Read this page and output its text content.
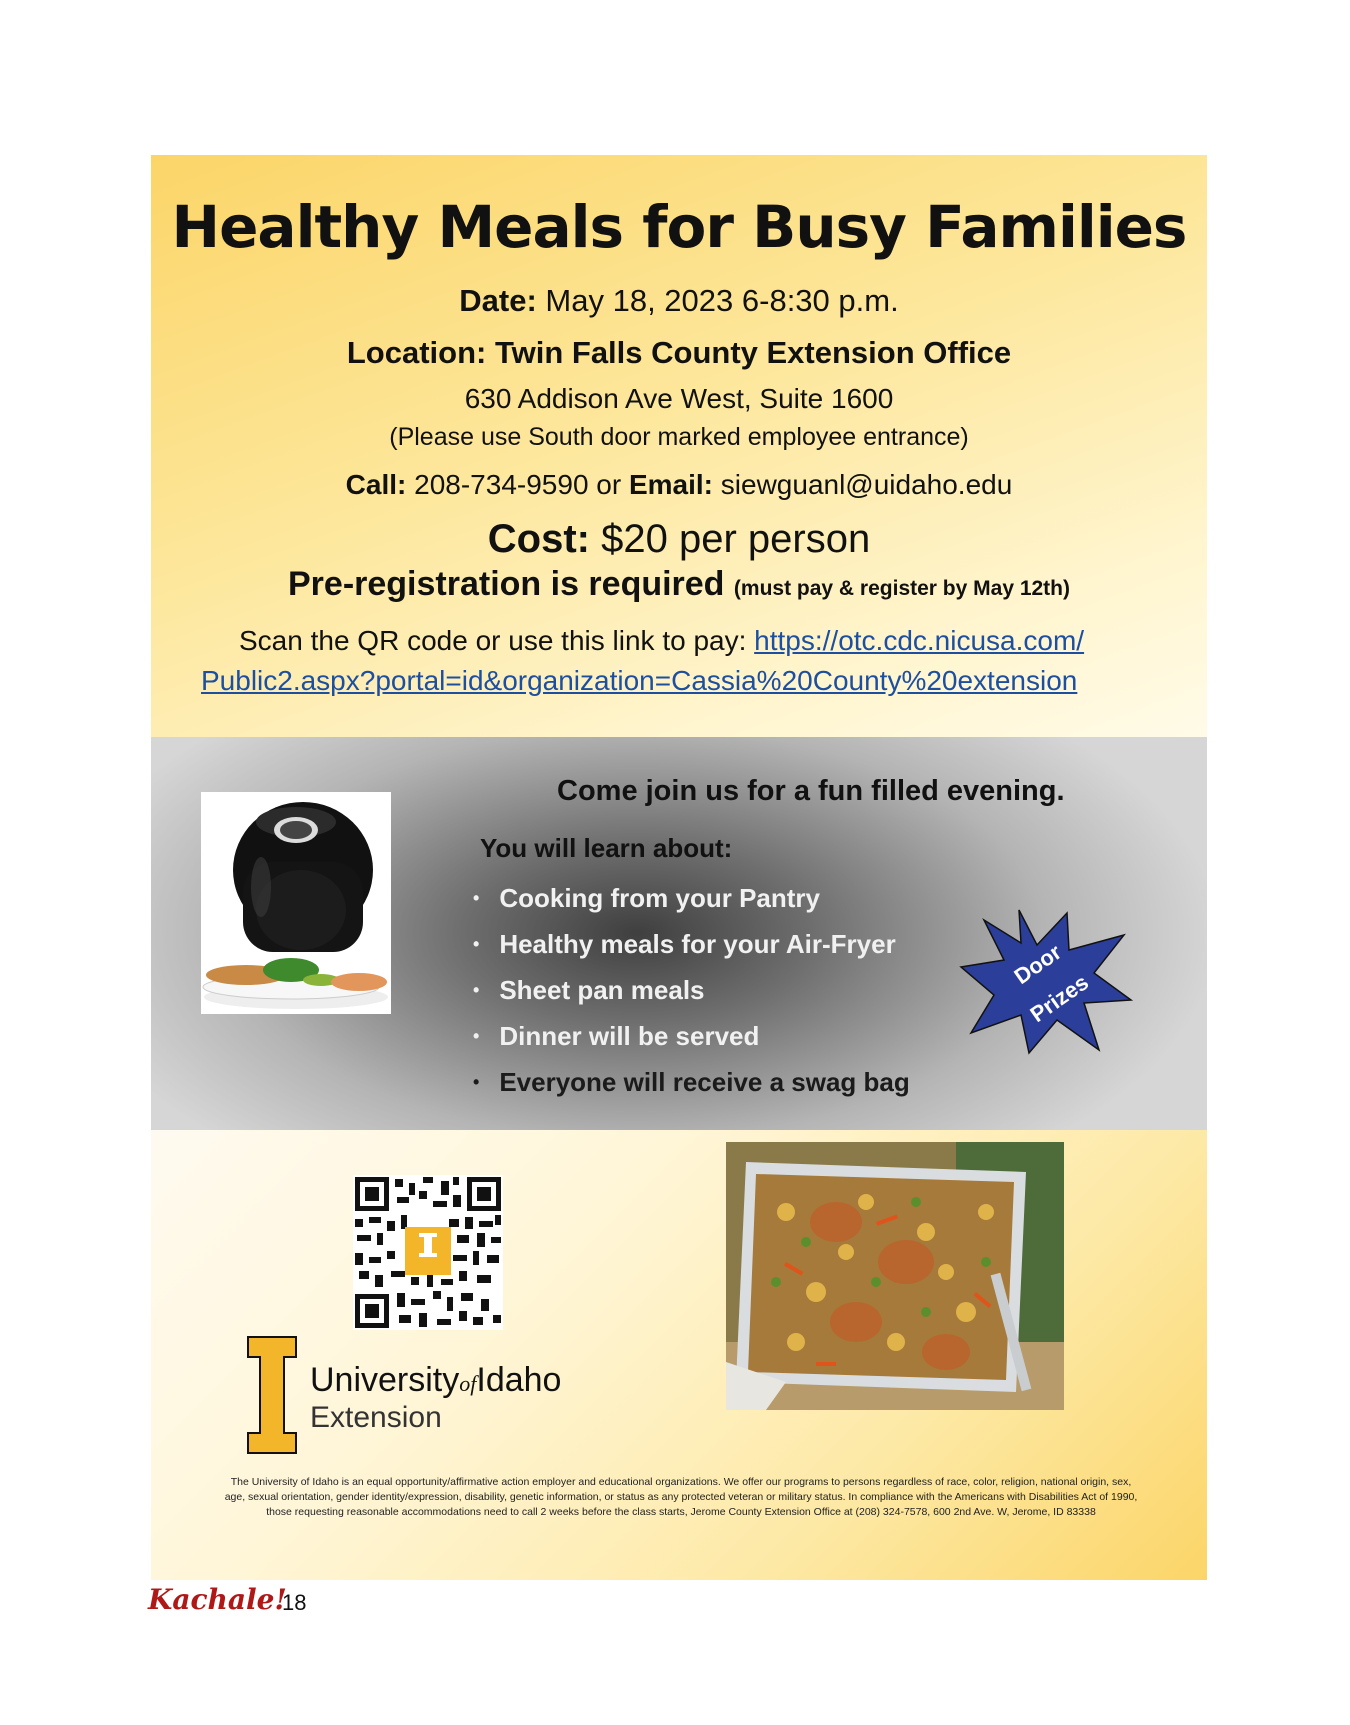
Healthy Meals for Busy Families
Date: May 18, 2023 6-8:30 p.m.
Location: Twin Falls County Extension Office
630 Addison Ave West, Suite 1600
(Please use South door marked employee entrance)
Call: 208-734-9590 or Email: siewguanl@uidaho.edu
Cost: $20 per person
Pre-registration is required (must pay & register by May 12th)
Scan the QR code or use this link to pay: https://otc.cdc.nicusa.com/
Public2.aspx?portal=id&organization=Cassia%20County%20extension
Come join us for a fun filled evening.
You will learn about:
• Cooking from your Pantry
• Healthy meals for your Air-Fryer
• Sheet pan meals
• Dinner will be served
• Everyone will receive a swag bag
Door
Prizes
UniversityofIdaho
Extension
The University of Idaho is an equal opportunity/affirmative action employer and educational organizations. We offer our programs to persons regardless of race, color, religion, national origin, sex, age, sexual orientation, gender identity/expression, disability, genetic information, or status as any protected veteran or military status. In compliance with the Americans with Disabilities Act of 1990, those requesting reasonable accommodations need to call 2 weeks before the class starts, Jerome County Extension Office at (208) 324-7578, 600 2nd Ave. W, Jerome, ID 83338
Kachale!
18
